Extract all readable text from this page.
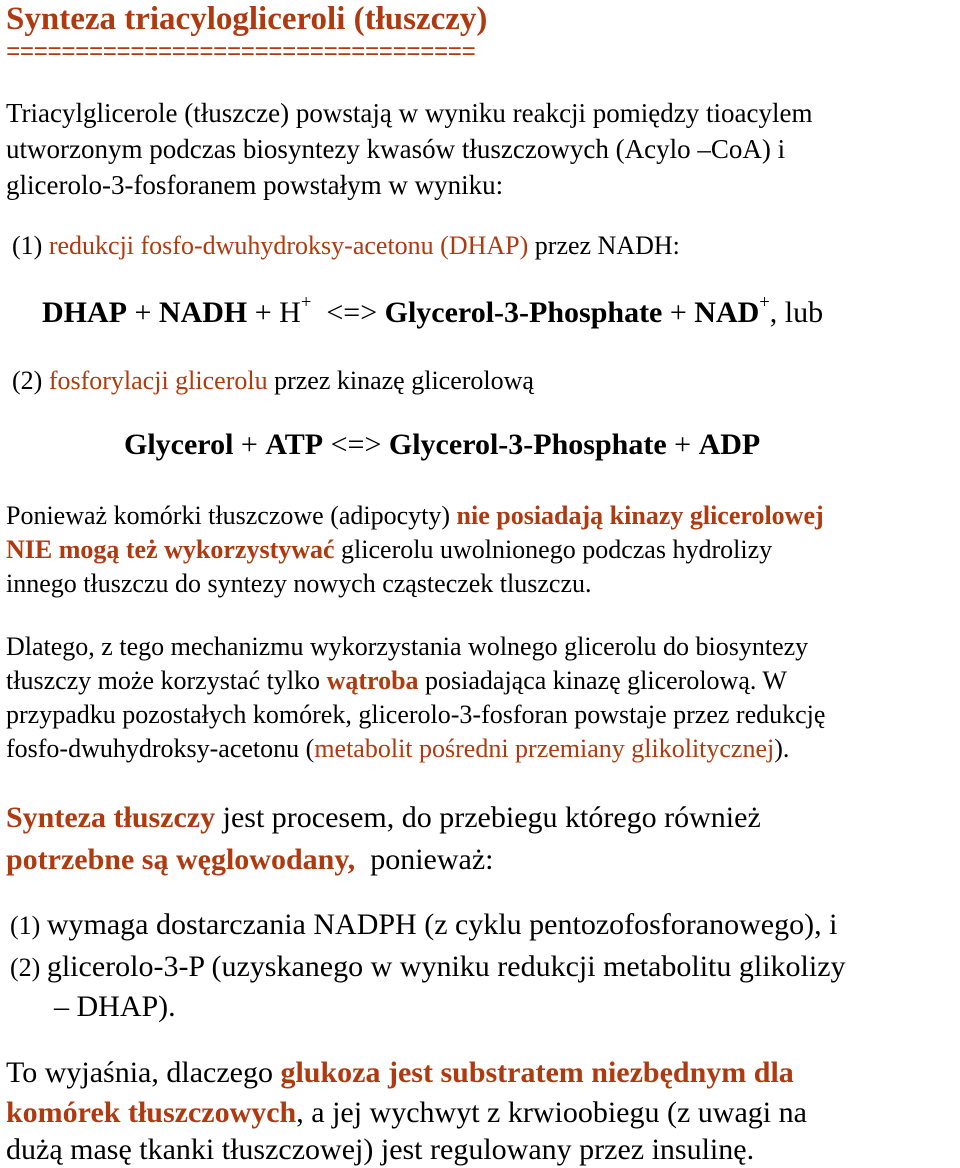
Synteza triacylogliceroli (tłuszczy)
==================================
Triacylglicerole (tłuszcze) powstają w wyniku reakcji pomiędzy tioacylem
utworzonym podczas biosyntezy kwasów tłuszczowych (Acylo –CoA) i
glicerolo-3-fosforanem powstałym w wyniku:
(1) redukcji fosfo-dwuhydroksy-acetonu (DHAP) przez NADH:
DHAP + NADH + H+  <=> Glycerol-3-Phosphate + NAD+, lub
(2) fosforylacji glicerolu przez kinazę glicerolową
Glycerol + ATP <=> Glycerol-3-Phosphate + ADP
Ponieważ komórki tłuszczowe (adipocyty) nie posiadają kinazy glicerolowej
NIE mogą też wykorzystywać glicerolu uwolnionego podczas hydrolizy
innego tłuszczu do syntezy nowych cząsteczek tluszczu.
Dlatego, z tego mechanizmu wykorzystania wolnego glicerolu do biosyntezy
tłuszczy może korzystać tylko wątroba posiadająca kinazę glicerolową. W
przypadku pozostałych komórek, glicerolo-3-fosforan powstaje przez redukcję
fosfo-dwuhydroksy-acetonu (metabolit pośredni przemiany glikolitycznej).
Synteza tłuszczy jest procesem, do przebiegu którego również
potrzebne są węglowodany,  ponieważ:
(1) wymaga dostarczania NADPH (z cyklu pentozofosforanowego), i
(2) glicerolo-3-P (uzyskanego w wyniku redukcji metabolitu glikolizy
– DHAP).
To wyjaśnia, dlaczego glukoza jest substratem niezbędnym dla
komórek tłuszczowych, a jej wychwyt z krwioobiegu (z uwagi na
dużą masę tkanki tłuszczowej) jest regulowany przez insulinę.
